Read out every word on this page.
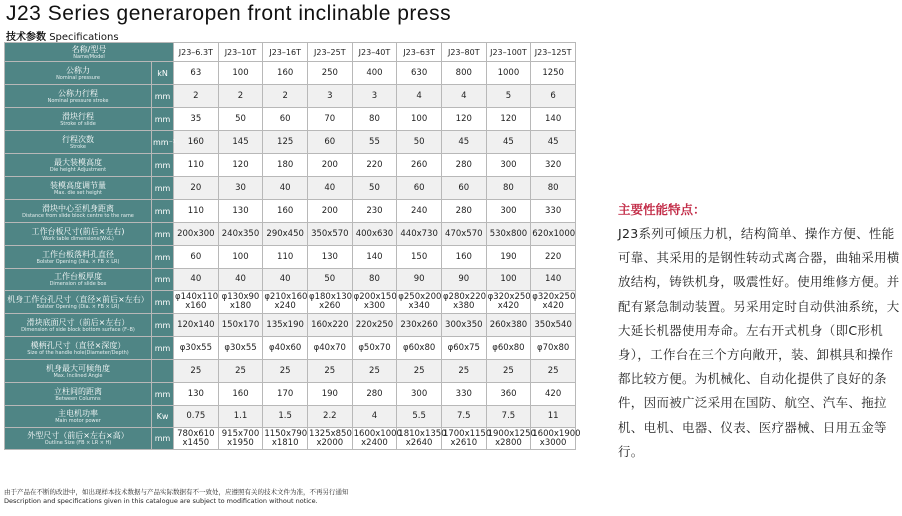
J23 Series generaropen front inclinable press
技术参数 Specifications
名称/型号
Name/Model		J23–6.3T	J23–10T	J23–16T	J23–25T	J23–40T	J23–63T	J23–80T	J23–100T	J23–125T
公称力
Nominal pressure	kN	63	100	160	250	400	630	800	1000	1250
公称力行程
Nominal pressure stroke	mm	2	2	2	3	3	4	4	5	6
滑块行程
Stroke of slide	mm	35	50	60	70	80	100	120	120	140
行程次数
Stroke	mm⁻¹	160	145	125	60	55	50	45	45	45
最大装模高度
Die height Adjustment	mm	110	120	180	200	220	260	280	300	320
装模高度调节量
Max. die set height	mm	20	30	40	40	50	60	60	80	80
滑块中心至机身距离
Distance from slide block centre to the rame	mm	110	130	160	200	230	240	280	300	330
工作台板尺寸(前后×左右)
Work table dimensions(WxL)	mm	200x300	240x350	290x450	350x570	400x630	440x730	470x570	530x800	620x1000
工作台板落料孔直径
Bolster Opening (Dia. × FB × LR)	mm	60	100	110	130	140	150	160	190	220
工作台板厚度
Dimension of slide box	mm	40	40	40	50	80	90	90	100	140
机身工作台孔尺寸（直径×前后×左右）
Bolster Opening (Dia. × FB × LR)	mm	φ140x110 x160	φ130x90 x180	φ210x160 x240	φ180x130 x260	φ200x150 x300	φ250x200 x340	φ280x220 x380	φ320x250 x420	φ320x250 x420
滑块底面尺寸（前后×左右）
Dimension of side block bottom surface (F–B)	mm	120x140	150x170	135x190	160x220	220x250	230x260	300x350	260x380	350x540
模柄孔尺寸（直径×深度）
Size of the handle hole(Diameter/Depth)	mm	φ30x55	φ30x55	φ40x60	φ40x70	φ50x70	φ60x80	φ60x75	φ60x80	φ70x80
机身最大可倾角度
Max. Inclined Angle		25	25	25	25	25	25	25	25	25
立柱间的距离
Between Columns	mm	130	160	170	190	280	300	330	360	420
主电机功率
Main motor power	Kw	0.75	1.1	1.5	2.2	4	5.5	7.5	7.5	11
外型尺寸（前后×左右×高）
Outline Size (FB × LR × H)	mm	780x610 x1450	915x700 x1950	1150x790 x1810	1325x850 x2000	1600x1000 x2400	1810x1350 x2640	1700x1150 x2610	1900x1250 x2800	1600x1900 x3000
由于产品在不断的改进中，如出现样本技术数据与产品实际数据有不一致处，应遵照有关的技术文件为准，不再另行通知
Description and specifications given in this catalogue are subject to modification without notice.
主要性能特点：
J23系列可倾压力机，结构简单、操作方便、性能可靠、其采用的是钢性转动式离合器，曲轴采用横放结构，铸铁机身，吸震性好。使用维修方便。并配有紧急制动装置。另采用定时自动供油系统，大大延长机器使用寿命。左右开式机身（即C形机身），工作台在三个方向敞开，装、卸棋具和操作都比较方便。为机械化、自动化提供了良好的条件，因而被广泛采用在国防、航空、汽车、拖拉机、电机、电器、仪表、医疗器械、日用五金等行。
